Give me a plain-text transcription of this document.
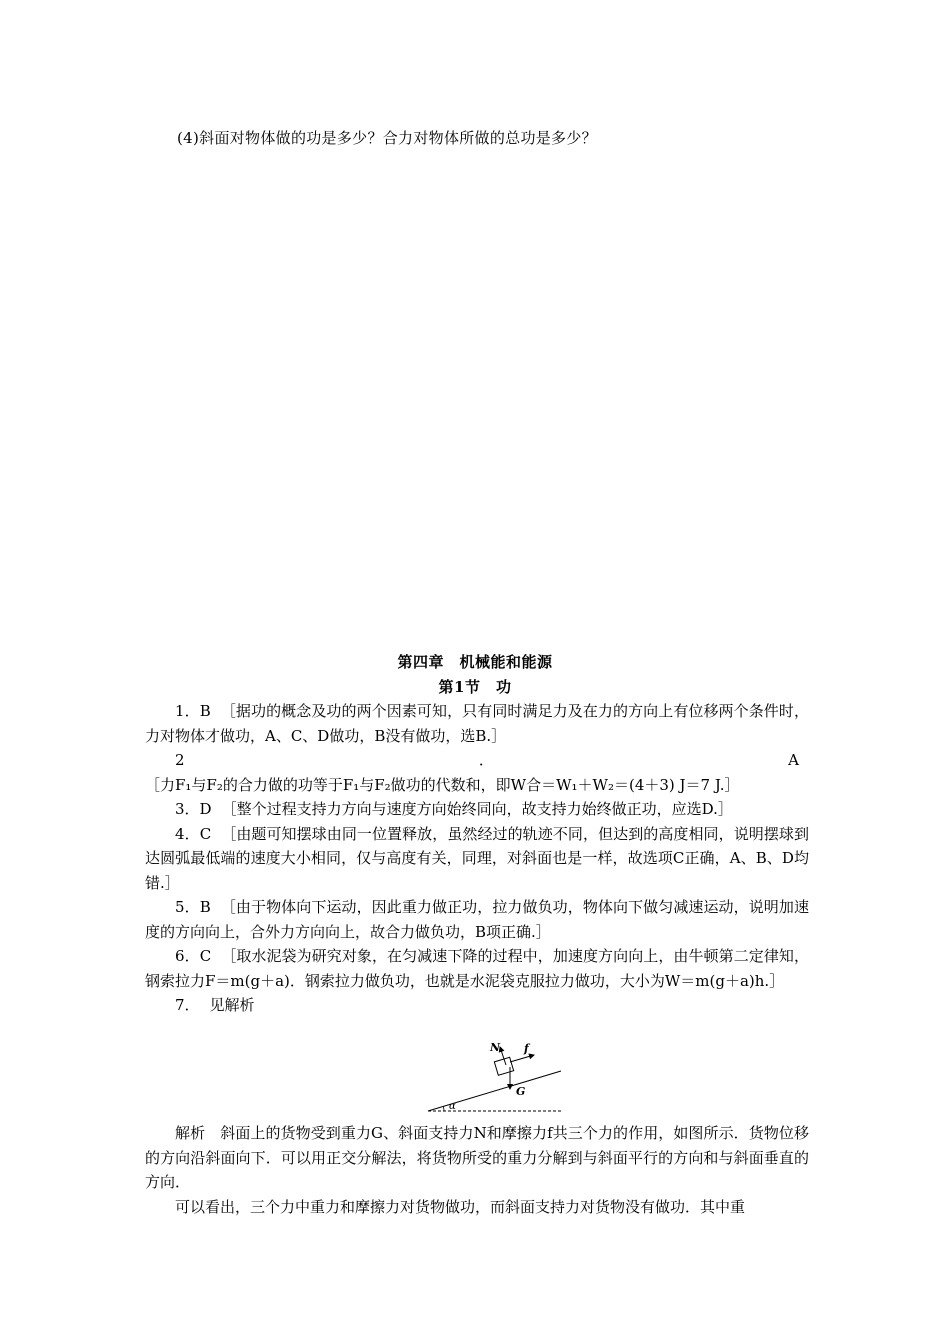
(4)斜面对物体做的功是多少？合力对物体所做的总功是多少？
第四章　机械能和能源
第1节　功

1．B ［据功的概念及功的两个因素可知，只有同时满足力及在力的方向上有位移两个条件时，力对物体才做功，A、C、D做功，B没有做功，选B.］

2．A［力F₁与F₂的合力做的功等于F₁与F₂做功的代数和，即W合＝W₁＋W₂＝(4＋3) J＝7 J.］

3．D ［整个过程支持力方向与速度方向始终同向，故支持力始终做正功，应选D.］

4．C ［由题可知摆球由同一位置释放，虽然经过的轨迹不同，但达到的高度相同，说明摆球到达圆弧最低端的速度大小相同，仅与高度有关，同理，对斜面也是一样，故选项C正确，A、B、D均错.］

5．B ［由于物体向下运动，因此重力做正功，拉力做负功，物体向下做匀减速运动，说明加速度的方向向上，合外力方向向上，故合力做负功，B项正确.］

6．C ［取水泥袋为研究对象，在匀减速下降的过程中，加速度方向向上，由牛顿第二定律知，钢索拉力F＝m(g＋a)．钢索拉力做负功，也就是水泥袋克服拉力做功，大小为W＝m(g＋a)h.］

7． 见解析

α
N f
G

解析　斜面上的货物受到重力G、斜面支持力N和摩擦力f共三个力的作用，如图所示．货物位移的方向沿斜面向下．可以用正交分解法，将货物所受的重力分解到与斜面平行的方向和与斜面垂直的方向．

可以看出，三个力中重力和摩擦力对货物做功，而斜面支持力对货物没有做功．其中重
